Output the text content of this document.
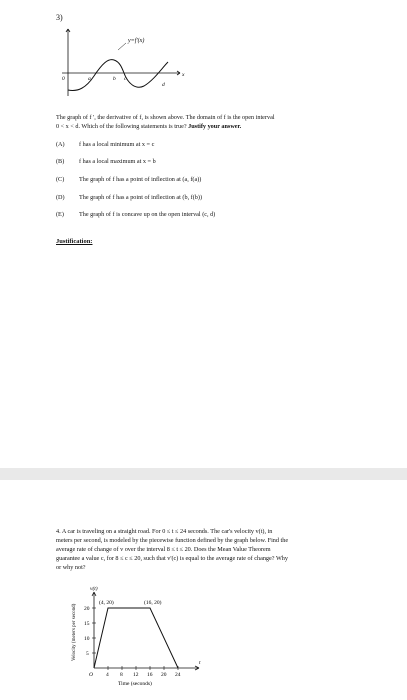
3)
y=f'(x)
0	a	b c
d
x
The graph of f ', the derivative of f, is shown above. The domain of f is the open interval
0 < x < d. Which of the following statements is true? Justify your answer.
(A) f has a local minimum at x = c
(B) f has a local maximum at x = b
(C) The graph of f has a point of inflection at (a, f(a))
(D) The graph of f has a point of inflection at (b, f(b))
(E) The graph of f is concave up on the open interval (c, d)
Justification:
4. A car is traveling on a straight road. For 0 ≤ t ≤ 24 seconds. The car's velocity v(t), in
meters per second, is modeled by the piecewise function defined by the graph below. Find the
average rate of change of v over the interval 8 ≤ t ≤ 20. Does the Mean Value Theorem
guarantee a value c, for 8 ≤ c ≤ 20, such that v'(c) is equal to the average rate of change? Why
or why not?
v(t)
20
15
10
5
O 4 8 12 16 20 24
t
(4, 20)	(16, 20)
Time (seconds)
Velocity (meters per second)
